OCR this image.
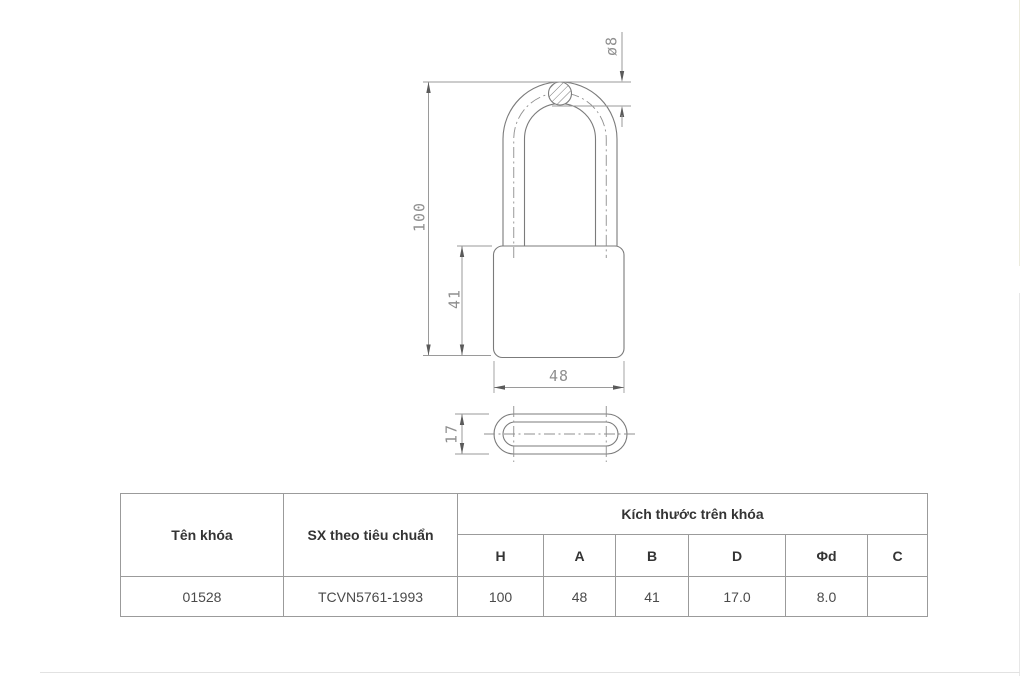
100
41
48
17
ø8
Tên khóa	SX theo tiêu chuẩn	Kích thước trên khóa					
		H	A	B	D	Φd	C
01528	TCVN5761-1993	100	48	41	17.0	8.0	
